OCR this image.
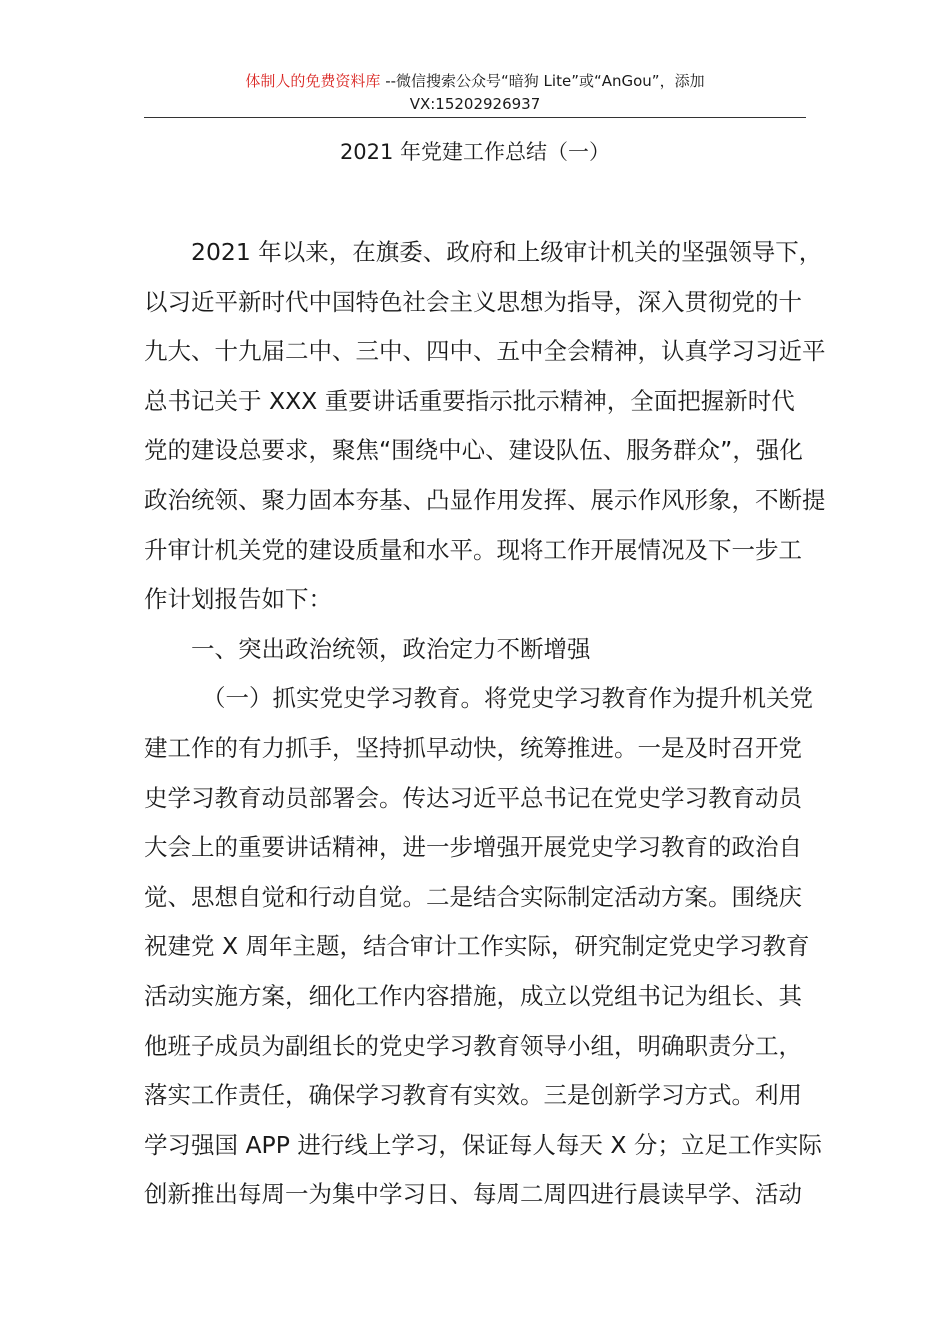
体制人的免费资料库 --微信搜索公众号“暗狗 Lite”或“AnGou”，添加
VX:15202926937
2021 年党建工作总结（一）
2021 年以来，在旗委、政府和上级审计机关的坚强领导下，
以习近平新时代中国特色社会主义思想为指导，深入贯彻党的十
九大、十九届二中、三中、四中、五中全会精神，认真学习习近平
总书记关于 XXX 重要讲话重要指示批示精神，全面把握新时代
党的建设总要求，聚焦“围绕中心、建设队伍、服务群众”，强化
政治统领、聚力固本夯基、凸显作用发挥、展示作风形象，不断提
升审计机关党的建设质量和水平。现将工作开展情况及下一步工
作计划报告如下：
一、突出政治统领，政治定力不断增强
（一）抓实党史学习教育。将党史学习教育作为提升机关党
建工作的有力抓手，坚持抓早动快，统筹推进。一是及时召开党
史学习教育动员部署会。传达习近平总书记在党史学习教育动员
大会上的重要讲话精神，进一步增强开展党史学习教育的政治自
觉、思想自觉和行动自觉。二是结合实际制定活动方案。围绕庆
祝建党 X 周年主题，结合审计工作实际，研究制定党史学习教育
活动实施方案，细化工作内容措施，成立以党组书记为组长、其
他班子成员为副组长的党史学习教育领导小组，明确职责分工，
落实工作责任，确保学习教育有实效。三是创新学习方式。利用
学习强国 APP 进行线上学习，保证每人每天 X 分；立足工作实际
创新推出每周一为集中学习日、每周二周四进行晨读早学、活动
